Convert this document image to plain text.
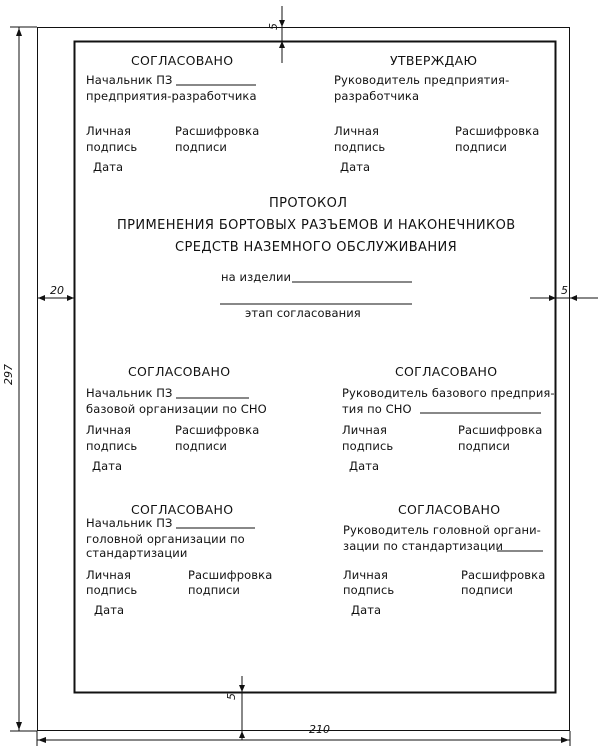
5
20	5
5
297
210
СОГЛАСОВАНО
Начальник ПЗ
предприятия-разработчика
Личная
подпись
Расшифровка
подписи
Дата
УТВЕРЖДАЮ
Руководитель предприятия-
разработчика
Личная
подпись
Расшифровка
подписи
Дата
ПРОТОКОЛ
ПРИМЕНЕНИЯ БОРТОВЫХ РАЗЪЕМОВ И НАКОНЕЧНИКОВ
СРЕДСТВ НАЗЕМНОГО ОБСЛУЖИВАНИЯ
на изделии
этап согласования
СОГЛАСОВАНО
Начальник ПЗ
базовой организации по СНО
Личная
подпись
Расшифровка
подписи
Дата
СОГЛАСОВАНО
Руководитель базового предприя-
тия по СНО
Личная
подпись
Расшифровка
подписи
Дата
СОГЛАСОВАНО
Начальник ПЗ
головной организации по
стандартизации
Личная
подпись
Расшифровка
подписи
Дата
СОГЛАСОВАНО
Руководитель головной органи-
зации по стандартизации
Личная
подпись
Расшифровка
подписи
Дата
